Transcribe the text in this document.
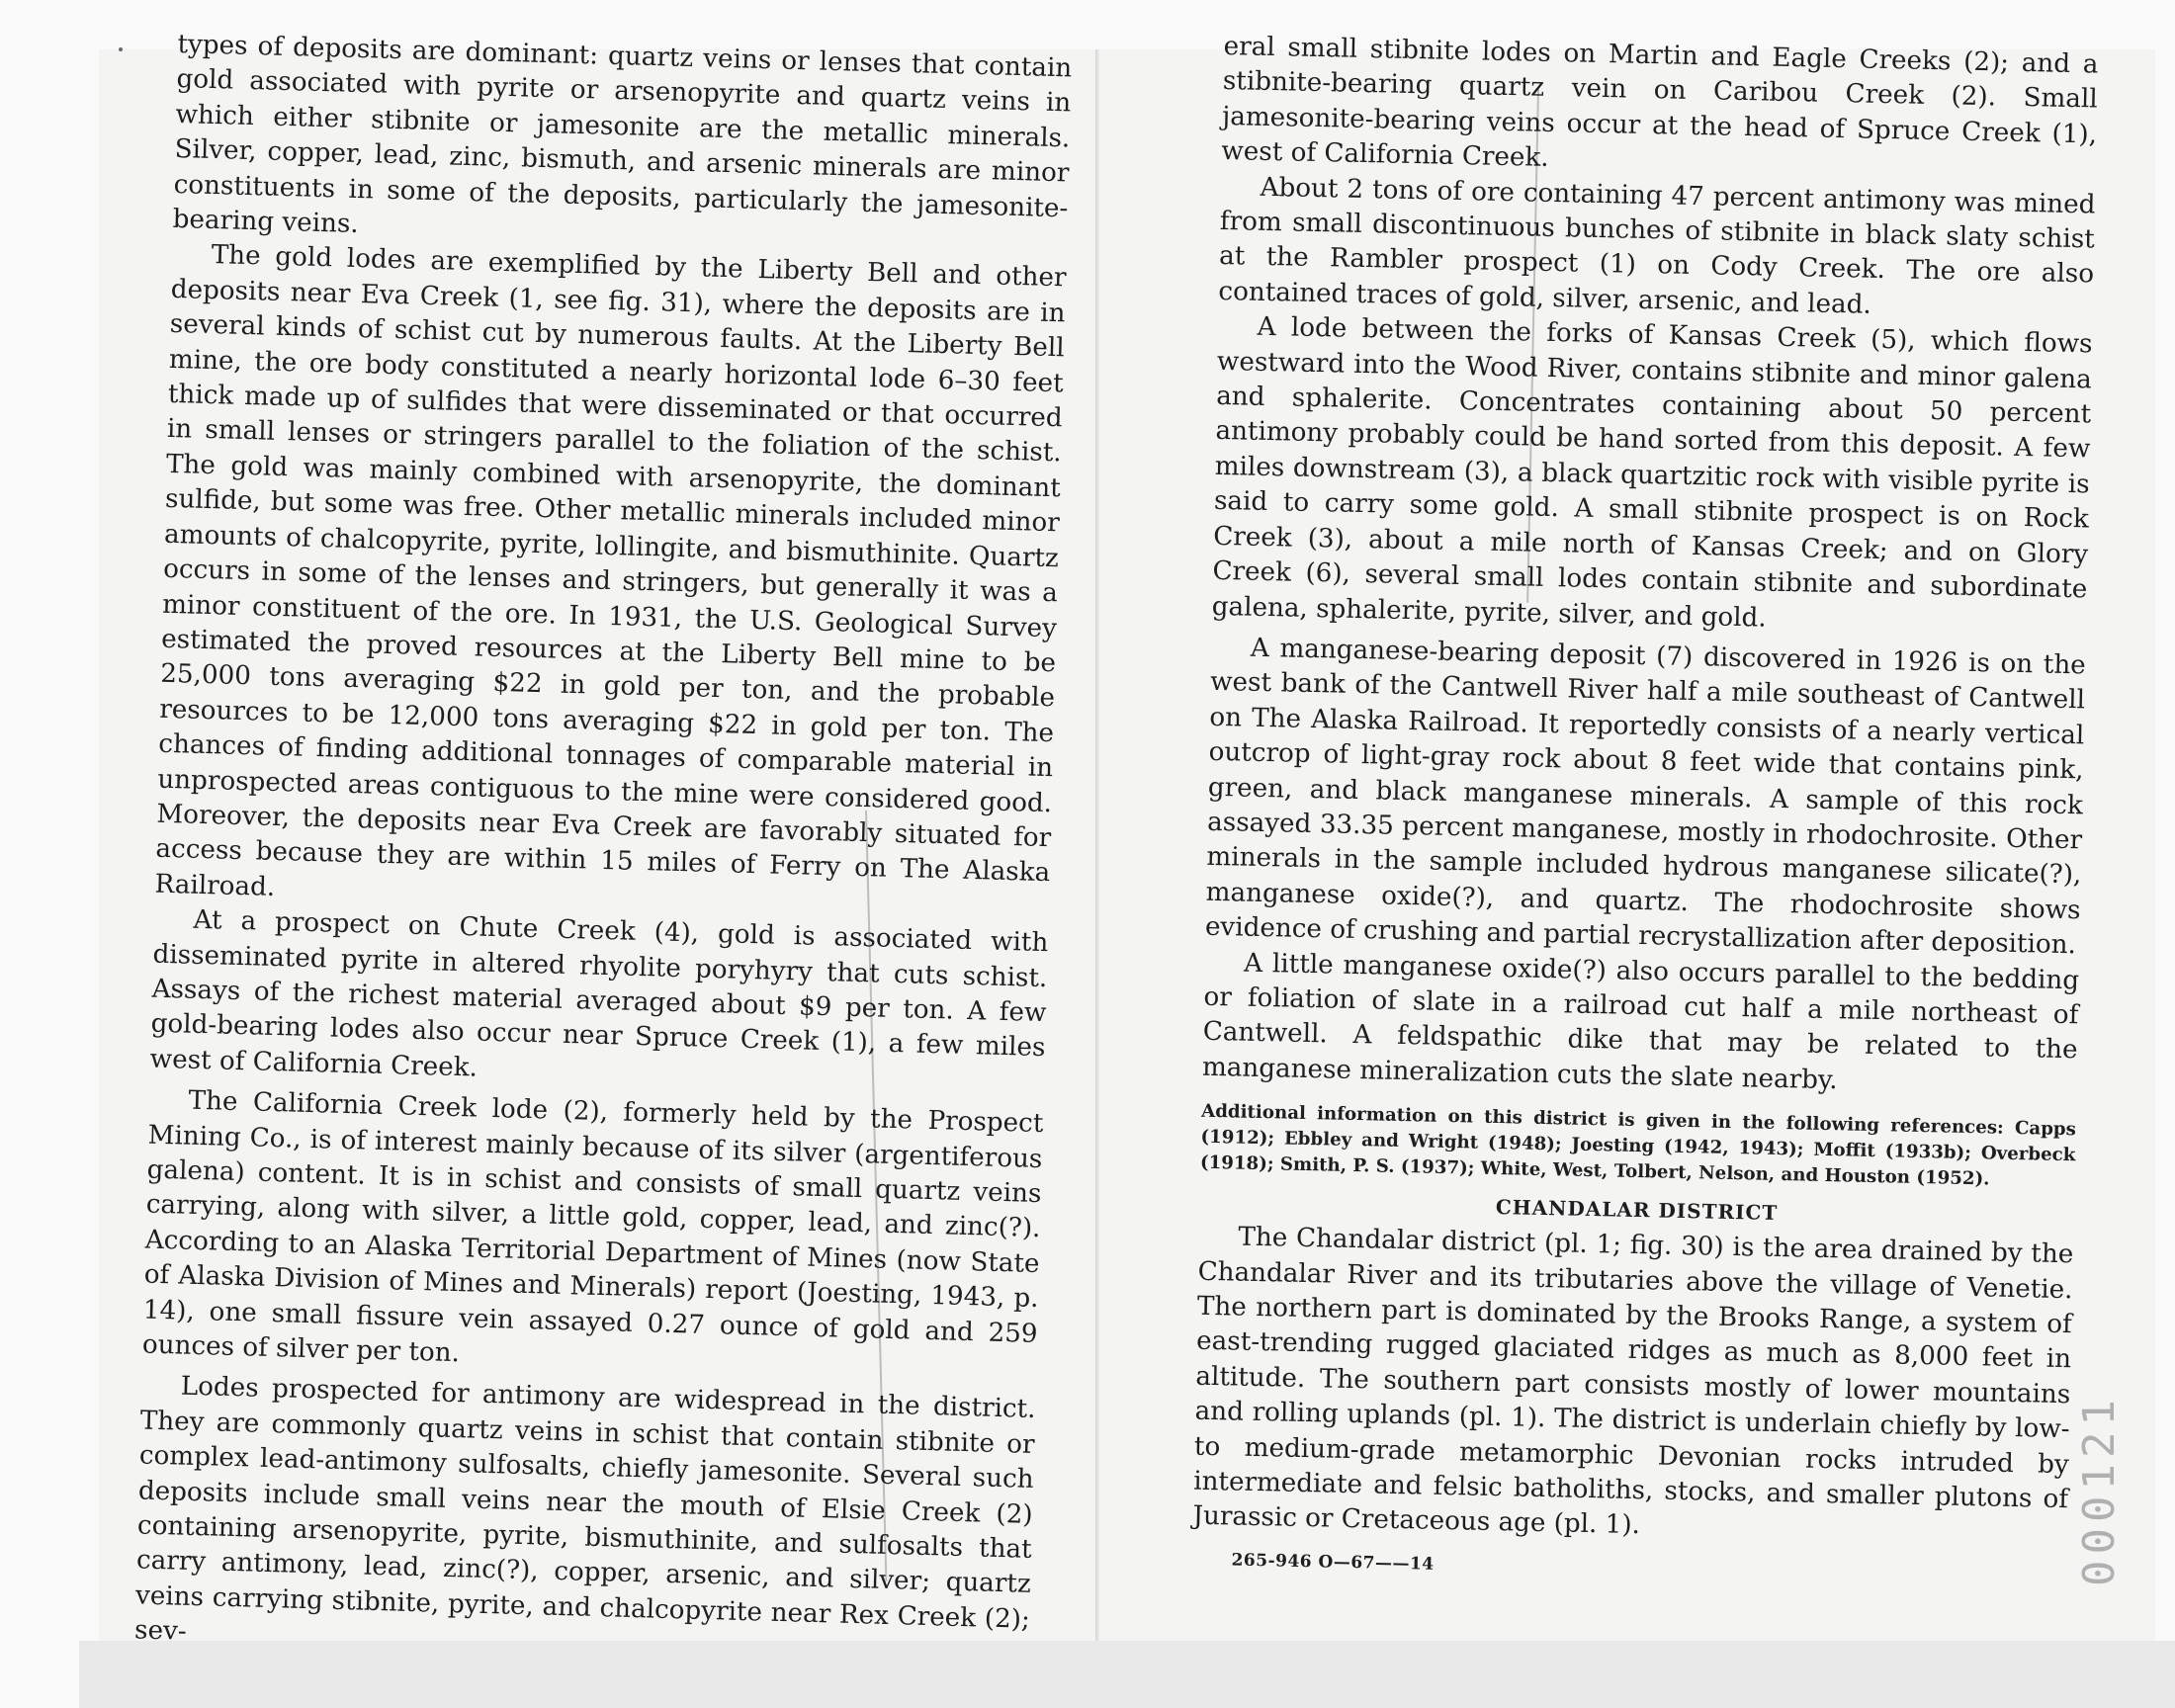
types of deposits are dominant: quartz veins or lenses that contain gold associated with pyrite or arsenopyrite and quartz veins in which either stibnite or jamesonite are the metallic minerals. Silver, copper, lead, zinc, bismuth, and arsenic minerals are minor constituents in some of the deposits, particularly the jamesonite-bearing veins.

The gold lodes are exemplified by the Liberty Bell and other deposits near Eva Creek (1, see fig. 31), where the deposits are in several kinds of schist cut by numerous faults. At the Liberty Bell mine, the ore body constituted a nearly horizontal lode 6–30 feet thick made up of sulfides that were disseminated or that occurred in small lenses or stringers parallel to the foliation of the schist. The gold was mainly combined with arsenopyrite, the dominant sulfide, but some was free. Other metallic minerals included minor amounts of chalcopyrite, pyrite, lollingite, and bismuthinite. Quartz occurs in some of the lenses and stringers, but generally it was a minor constituent of the ore. In 1931, the U.S. Geological Survey estimated the proved resources at the Liberty Bell mine to be 25,000 tons averaging $22 in gold per ton, and the probable resources to be 12,000 tons averaging $22 in gold per ton. The chances of finding additional tonnages of comparable material in unprospected areas contiguous to the mine were considered good. Moreover, the deposits near Eva Creek are favorably situated for access because they are within 15 miles of Ferry on The Alaska Railroad.

At a prospect on Chute Creek (4), gold is associated with disseminated pyrite in altered rhyolite poryhyry that cuts schist. Assays of the richest material averaged about $9 per ton. A few gold-bearing lodes also occur near Spruce Creek (1), a few miles west of California Creek.

The California Creek lode (2), formerly held by the Prospect Mining Co., is of interest mainly because of its silver (argentiferous galena) content. It is in schist and consists of small quartz veins carrying, along with silver, a little gold, copper, lead, and zinc(?). According to an Alaska Territorial Department of Mines (now State of Alaska Division of Mines and Minerals) report (Joesting, 1943, p. 14), one small fissure vein assayed 0.27 ounce of gold and 259 ounces of silver per ton.

Lodes prospected for antimony are widespread in the district. They are commonly quartz veins in schist that contain stibnite or complex lead-antimony sulfosalts, chiefly jamesonite. Several such deposits include small veins near the mouth of Elsie Creek (2) containing arsenopyrite, pyrite, bismuthinite, and sulfosalts that carry antimony, lead, zinc(?), copper, arsenic, and silver; quartz veins carrying stibnite, pyrite, and chalcopyrite near Rex Creek (2); sev-

eral small stibnite lodes on Martin and Eagle Creeks (2); and a stibnite-bearing quartz vein on Caribou Creek (2). Small jamesonite-bearing veins occur at the head of Spruce Creek (1), west of California Creek.

About 2 tons of ore containing 47 percent antimony was mined from small discontinuous bunches of stibnite in black slaty schist at the Rambler prospect (1) on Cody Creek. The ore also contained traces of gold, silver, arsenic, and lead.

A lode between the forks of Kansas Creek (5), which flows westward into the Wood River, contains stibnite and minor galena and sphalerite. Concentrates containing about 50 percent antimony probably could be hand sorted from this deposit. A few miles downstream (3), a black quartzitic rock with visible pyrite is said to carry some gold. A small stibnite prospect is on Rock Creek (3), about a mile north of Kansas Creek; and on Glory Creek (6), several small lodes contain stibnite and subordinate galena, sphalerite, pyrite, silver, and gold.

A manganese-bearing deposit (7) discovered in 1926 is on the west bank of the Cantwell River half a mile southeast of Cantwell on The Alaska Railroad. It reportedly consists of a nearly vertical outcrop of light-gray rock about 8 feet wide that contains pink, green, and black manganese minerals. A sample of this rock assayed 33.35 percent manganese, mostly in rhodochrosite. Other minerals in the sample included hydrous manganese silicate(?), manganese oxide(?), and quartz. The rhodochrosite shows evidence of crushing and partial recrystallization after deposition.

A little manganese oxide(?) also occurs parallel to the bedding or foliation of slate in a railroad cut half a mile northeast of Cantwell. A feldspathic dike that may be related to the manganese mineralization cuts the slate nearby.

Additional information on this district is given in the following references: Capps (1912); Ebbley and Wright (1948); Joesting (1942, 1943); Moffit (1933b); Overbeck (1918); Smith, P. S. (1937); White, West, Tolbert, Nelson, and Houston (1952).

CHANDALAR DISTRICT

The Chandalar district (pl. 1; fig. 30) is the area drained by the Chandalar River and its tributaries above the village of Venetie. The northern part is dominated by the Brooks Range, a system of east-trending rugged glaciated ridges as much as 8,000 feet in altitude. The southern part consists mostly of lower mountains and rolling uplands (pl. 1). The district is underlain chiefly by low- to medium-grade metamorphic Devonian rocks intruded by intermediate and felsic batholiths, stocks, and smaller plutons of Jurassic or Cretaceous age (pl. 1).

265-946 O—67——14	000121
